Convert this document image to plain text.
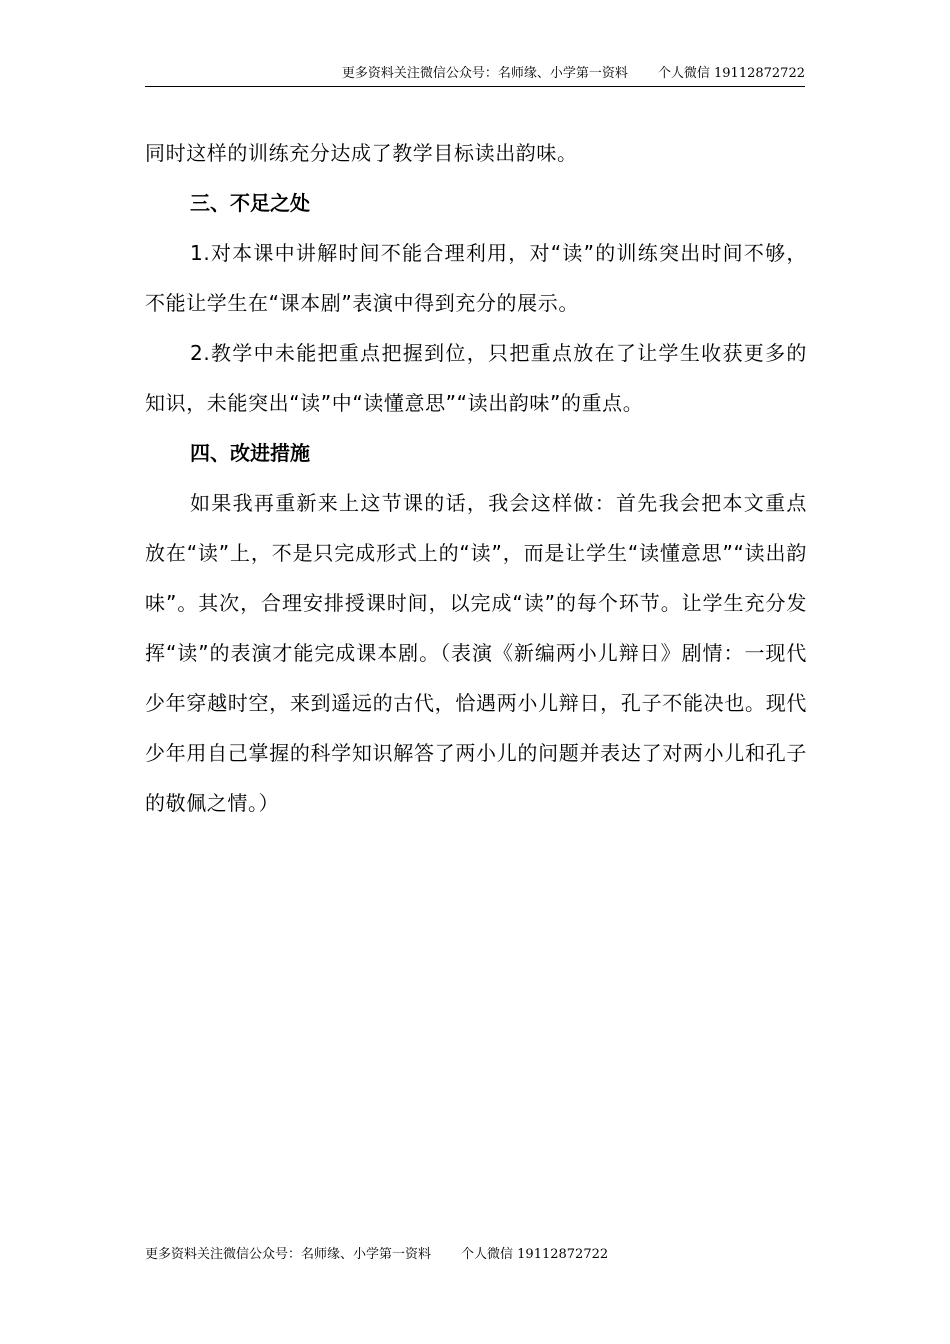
更多资料关注微信公众号：名师缘、小学第一资料 个人微信 19112872722

同时这样的训练充分达成了教学目标读出韵味。

三、不足之处

1.对本课中讲解时间不能合理利用，对“读”的训练突出时间不够，不能让学生在“课本剧”表演中得到充分的展示。

2.教学中未能把重点把握到位，只把重点放在了让学生收获更多的知识，未能突出“读”中“读懂意思”“读出韵味”的重点。

四、改进措施

如果我再重新来上这节课的话，我会这样做：首先我会把本文重点放在“读”上，不是只完成形式上的“读”，而是让学生“读懂意思”“读出韵味”。其次，合理安排授课时间，以完成“读”的每个环节。让学生充分发挥“读”的表演才能完成课本剧。（表演《新编两小儿辩日》剧情：一现代少年穿越时空，来到遥远的古代，恰遇两小儿辩日，孔子不能决也。现代少年用自己掌握的科学知识解答了两小儿的问题并表达了对两小儿和孔子的敬佩之情。）

更多资料关注微信公众号：名师缘、小学第一资料 个人微信 19112872722
